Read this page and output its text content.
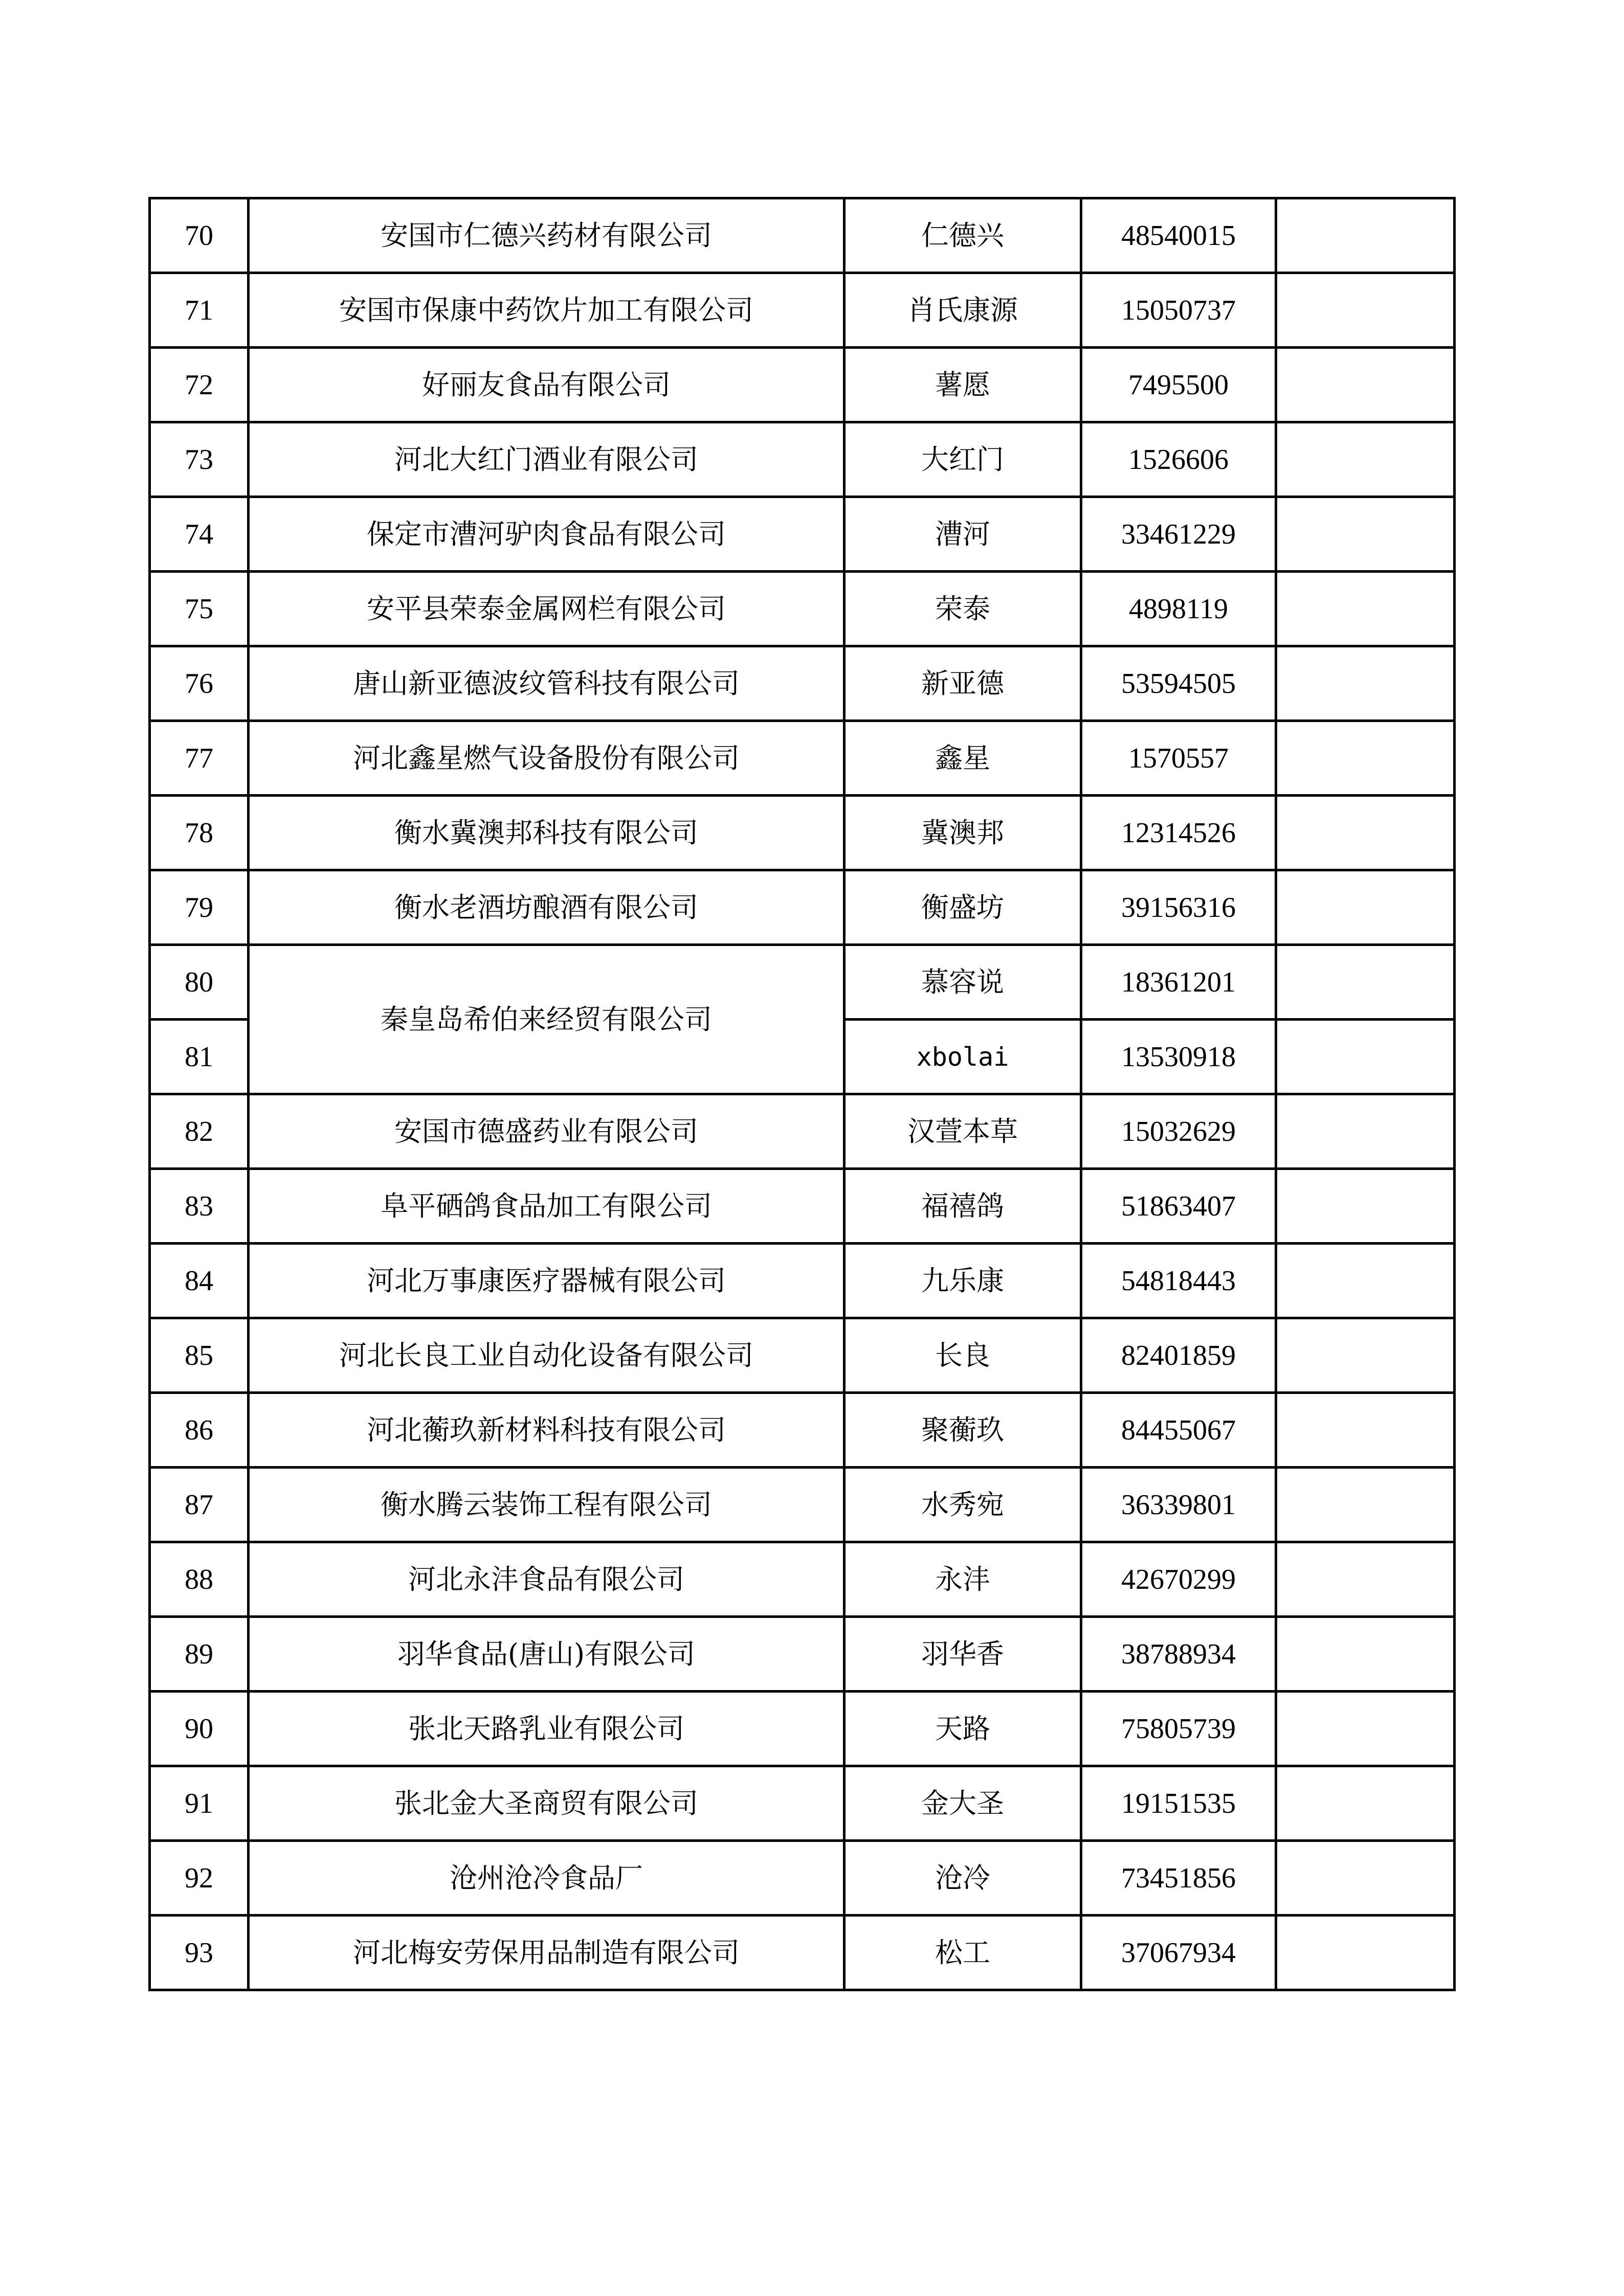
70	安国市仁德兴药材有限公司	仁德兴	48540015	
71	安国市保康中药饮片加工有限公司	肖氏康源	15050737	
72	好丽友食品有限公司	薯愿	7495500	
73	河北大红门酒业有限公司	大红门	1526606	
74	保定市漕河驴肉食品有限公司	漕河	33461229	
75	安平县荣泰金属网栏有限公司	荣泰	4898119	
76	唐山新亚德波纹管科技有限公司	新亚德	53594505	
77	河北鑫星燃气设备股份有限公司	鑫星	1570557	
78	衡水冀澳邦科技有限公司	冀澳邦	12314526	
79	衡水老酒坊酿酒有限公司	衡盛坊	39156316	
80	秦皇岛希伯来经贸有限公司	慕容说	18361201	
81		xbolai	13530918	
82	安国市德盛药业有限公司	汉萱本草	15032629	
83	阜平硒鸽食品加工有限公司	福禧鸽	51863407	
84	河北万事康医疗器械有限公司	九乐康	54818443	
85	河北长良工业自动化设备有限公司	长良	82401859	
86	河北蘅玖新材料科技有限公司	聚蘅玖	84455067	
87	衡水腾云装饰工程有限公司	水秀宛	36339801	
88	河北永沣食品有限公司	永沣	42670299	
89	羽华食品(唐山)有限公司	羽华香	38788934	
90	张北天路乳业有限公司	天路	75805739	
91	张北金大圣商贸有限公司	金大圣	19151535	
92	沧州沧冷食品厂	沧冷	73451856	
93	河北梅安劳保用品制造有限公司	松工	37067934	
